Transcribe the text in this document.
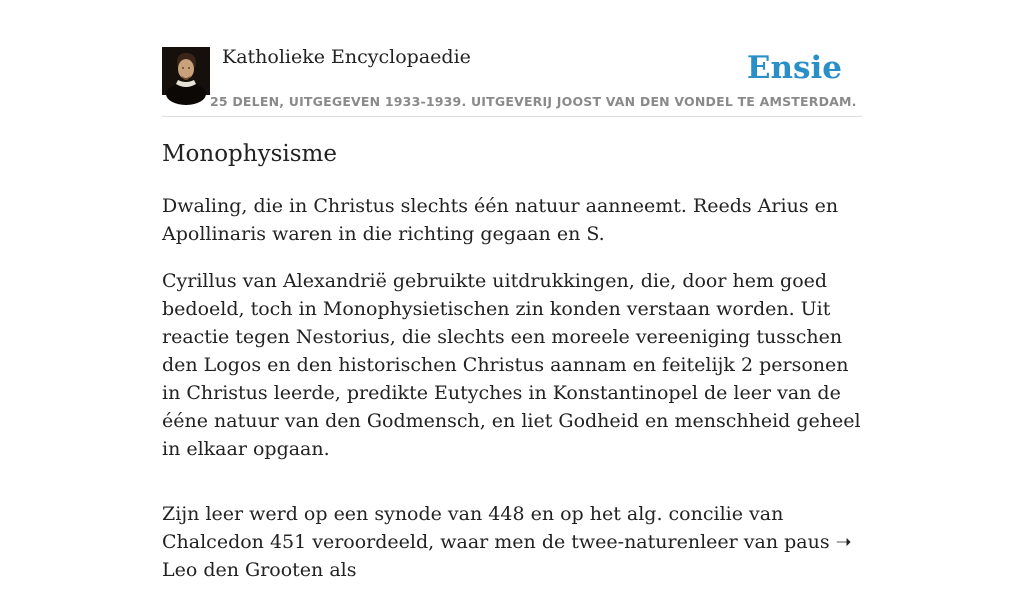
Katholieke Encyclopaedie
25 DELEN, UITGEGEVEN 1933-1939. UITGEVERIJ JOOST VAN DEN VONDEL TE AMSTERDAM.
Ensie
Monophysisme

Dwaling, die in Christus slechts één natuur aanneemt. Reeds Arius en Apollinaris waren in die richting gegaan en S.

Cyrillus van Alexandrië gebruikte uitdrukkingen, die, door hem goed bedoeld, toch in Monophysietischen zin konden verstaan worden. Uit reactie tegen Nestorius, die slechts een moreele vereeniging tusschen den Logos en den historischen Christus aannam en feitelijk 2 personen in Christus leerde, predikte Eutyches in Konstantinopel de leer van de ééne natuur van den Godmensch, en liet Godheid en menschheid geheel in elkaar opgaan.

Zijn leer werd op een synode van 448 en op het alg. concilie van Chalcedon 451 veroordeeld, waar men de twee-naturenleer van paus ➝ Leo den Grooten als
